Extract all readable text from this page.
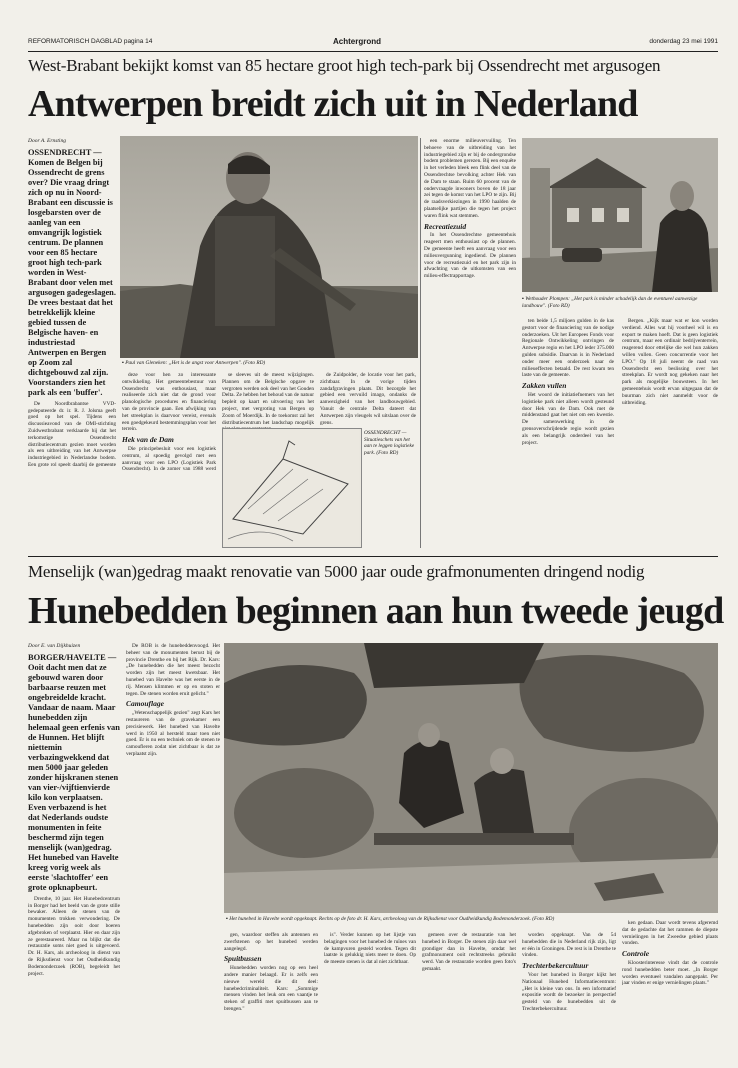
REFORMATORISCH DAGBLAD pagina 14	Achtergrond	donderdag 23 mei 1991
West-Brabant bekijkt komst van 85 hectare groot high tech-park bij Ossendrecht met argusogen
Antwerpen breidt zich uit in Nederland
Door A. Ernsting
OSSENDRECHT — Komen de Belgen bij Ossendrecht de grens over? Die vraag dringt zich op nu in Noord-Brabant een discussie is losgebarsten over de aanleg van een omvangrijk logistiek centrum. De plannen voor een 85 hectare groot high tech-park worden in West-Brabant door velen met argusogen gadegeslagen. De vrees bestaat dat het betrekkelijk kleine gebied tussen de Belgische haven- en industriestad Antwerpen en Bergen op Zoom zal dichtgebouwd zal zijn. Voorstanders zien het park als een 'buffer'.

De Noordbrabantse VVD-gedeputeerde dr. ir. R. J. Jolsma geeft goed op het spel. Tijdens een discussieavond van de OMI-stichting Zuidwestbrabant verklaarde hij dat het terkomstige Ossendrecht distributiecentrum gezien moet worden als een uitbreiding van het Antwerpse industriegebied in Nederlandse bodem. Een grote rol speelt daarbij de gemeente

▪ Paul van Gleneken: „Het is de angst voor Antwerpen". (Foto RD)

deze voor hen zo interessante ontwikkeling. Het gemeentebestuur van Ossendrecht was enthousiast, maar realiseerde zich niet dat de grond voor planologische procedures en financiering van de provincie gaan. Een afwijking van het streekplan is daarvoor vereist, evenals een goedgekeurd bestemmingsplan voor het terrein.

Hek van de Dam

Die principebesluit voor een logistiek centrum, al spoedig gevolgd met een aanvraag voor een LPO (Logistiek Park Ossendrecht). In de zomer van 1988 werd

se sleeves uit de meest wijzigingen. Plannen om de Belgische opgave te vergroten werden ook deel van het Gouden Delta. Ze hebben het behoud van de natuur bepleit op kaart en uitvoering van het project, met vergroting van Bergen op Zoom of Moerdijk. In de toekomst zal het distributiecentrum het landschap mogelijk

de Zuidpolder, de locatie voor het park, zichtbaar. In de vorige tijden zandafgravingen plaats. Dit bezorgde het gebied een vervuild imago, ondanks de aanwezigheid van het landbouwgebied. Vanuit de centrale Delta dateert dat Antwerpen zijn vleugels wil uitslaan over de grens.

OSSENDRECHT — Situatieschets van het aan te leggen logistieke park. (Foto RD)

een enorme milieuvervuiling. Ten behoeve van de uitbreiding van het industriegebied zijn er bij de ondergrondse bodem problemen gerezen. Bij een enquête in het verleden bleek een flink deel van de Ossendrechtse bevolking achter Hek van de Dam te staan. Ruim 60 procent van de ondervraagde inwoners boven de 18 jaar zei tegen de komst van het LPO te zijn. Bij de raadsverkiezingen in 1990 haalden de plaatselijke partijen die tegen het project waren flink wat stemmen.

Recreatiezuid

In het Ossendrechtse gemeentehuis reageert men enthousiast op de plannen. De gemeente heeft een aanvraag voor een milieuvergunning ingediend. De plannen voor de recreatiezuid en het park zijn in afwachting van de uitkomsten van een milieu-effectrapportage.

▪ Wethouder Plompen: „Het park is minder schadelijk dan de eventueel aanwezige landbouw". (Foto RD)

ten beide 1,5 miljoen gulden in de kas gestort voor de financiering van de nodige onderzoeken. Uit het Europees Fonds voor Regionale Ontwikkeling ontvingen de Antwerpse regio en het LPO ieder 375.000 gulden subsidie. Daarvan is in Nederland onder meer een onderzoek naar de milieueffecten betaald. De rest kwam ten laste van de gemeente.

Zakken vullen

Het woord de initiatiefnemers van het logistieke park niet alleen wordt gesteund door Hek van de Dam. Ook met de middenstand gaat het niet om een kwestie. De samenwerking in de grensoverschrijdende regio wordt gezien als een belangrijk onderdeel van het project.

Bergen. „Kijk maar wat er kon worden verdiend. Alles wat hij voorheel wil is en export te maken hoeft. Dat is geen logistiek centrum, maar een ordinair bedrijventerrein, reagerend door ettelijke die wel hun zakken willen vullen. Geen concurrentie voor het LPO." Op 18 juli neemt de raad van Ossendrecht een beslissing over het streekplan. Er wordt nog gekeken naar het park als mogelijke bouwsteen. In het gemeentehuis wordt ervan uitgegaan dat de buurman zich niet aanmeldt voor de uitbreiding.

Menselijk (wan)gedrag maakt renovatie van 5000 jaar oude grafmonumenten dringend nodig
Hunebedden beginnen aan hun tweede jeugd
Door E. van Dijkhuizen
BORGER/HAVELTE — Ooit dacht men dat ze gebouwd waren door barbaarse reuzen met ongebreidelde kracht. Vandaar de naam. Maar hunebedden zijn helemaal geen erfenis van de Hunnen. Het blijft niettemin verbazingwekkend dat men 5000 jaar geleden zonder hijskranen stenen van vier-/vijftienvierde kilo kon verplaatsen. Even verbazend is het dat Nederlands oudste monumenten in feite beschermd zijn tegen menselijk (wan)gedrag. Het hunebed van Havelte kreeg vorig week als eerste 'slachtoffer' een grote opknapbeurt.

Drenthe, 10 jaar. Het Hunebedcentrum in Borger had het beeld van de grote stille bewaker. Alleen de stenen van de monumenten trokken verwondering. De hunebedden zijn ooit door boeren afgebroken of verplaatst. Hier en daar zijn ze gerestaureerd. Maar nu blijkt dat die restauratie soms niet goed is uitgevoerd. Dr. H. Kars, als archeoloog in dienst van de Rijksdienst voor het Oudheidkundig Bodemonderzoek (ROB), begeleidt het project.

De ROB is de hunebeddenvoogd. Het beheer van de monumenten berust bij de provincie Drenthe en bij het Rijk. Dr. Kars: „De hunebedden die het meest bezocht worden zijn het meest kwetsbaar. Het hunebed van Havelte was het eerste in de rij. Mensen klimmen er op en stoten er tegen. De stenen worden eruit gelicht."

Camouflage

„Wetenschappelijk gezien" zegt Kars het restaureren van de gravekamer een precisiewerk. Het hunebed van Havelte werd in 1950 al hersteld maar toen niet goed. Er is nu een techniek om de stenen te camoufleren zodat niet zichtbaar is dat ze verplaatst zijn.

▪ Het hunebed in Havelte wordt opgeknapt. Rechts op de foto dr. H. Kars, archeoloog van de Rijksdienst voor Oudheidkundig Bodemonderzoek. (Foto RD)

gen, waardoor steffen als antennen en zwerfstenen op het hunebed werden aangelegd.

Spuitbussen

Hunebedden worden nog op een heel andere manier belaagd. Er is zelfs een nieuwe wereld die dit deel: hunebedcriminaliteit. Kars: „Sommige mensen vinden het leuk om een vaantje te steken of graffiti met spuitbussen aan te brengen."

is". Verder kunnen op het lijstje van belagingen voor het hunebed de ruïnes van de kampvuren gesteld worden. Tegen dit laatste is gelukkig niets meer te doen. Op de meeste stenen is dat al niet zichtbaar.

gemeen over de restauratie van het hunebed in Borger. De stenen zijn daar wel grondiger dan in Havelte, omdat het grafmonument ooit rechtstreeks gebruikt werd. Van de restauratie worden geen foto's gemaakt.

worden opgeknapt. Van de 54 hunebedden die in Nederland rijk zijn, ligt er één in Groningen. De rest is in Drenthe te vinden.

Trechterbekercultuur

Voor het hunebed in Borger kijkt het Nationaal Hunebed Informatiecentrum: „Het is kleine van ons. In een informatief expositie wordt de bezoeker in perspectief gesteld van de hunebedden uit de Trechterbekercultuur.

ken gedaan. Daar wordt tevens afgeremd dat de gedachte dat het rammen de diepste vernielingen in het Zweedse gebied plaats vonden.

Controle

Kloosterinteresse vindt dat de controle rond hunebedden beter moet. „In Borger worden eventueel vandalen aangepakt. Per jaar vinden er enige vernielingen plaats."
